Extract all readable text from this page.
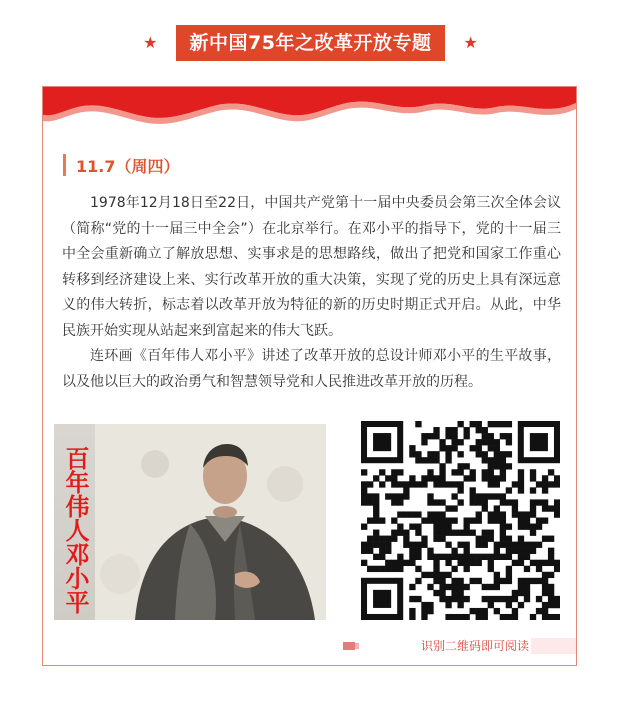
★	新中国75年之改革开放专题	★
11.7（周四）

1978年12月18日至22日，中国共产党第十一届中央委员会第三次全体会议（简称“党的十一届三中全会”）在北京举行。在邓小平的指导下，党的十一届三中全会重新确立了解放思想、实事求是的思想路线，做出了把党和国家工作重心转移到经济建设上来、实行改革开放的重大决策，实现了党的历史上具有深远意义的伟大转折，标志着以改革开放为特征的新的历史时期正式开启。从此，中华民族开始实现从站起来到富起来的伟大飞跃。

连环画《百年伟人邓小平》讲述了改革开放的总设计师邓小平的生平故事，以及他以巨大的政治勇气和智慧领导党和人民推进改革开放的历程。

百年伟人邓小平
识别二维码即可阅读
